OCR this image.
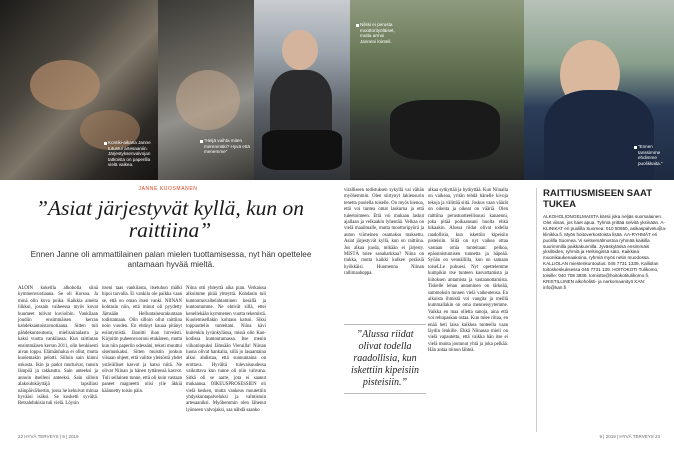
Kontiki-aikana Janne tutustui artesaaniin. Järjestyksenvalvojan tatkoista on paperilla vielä vaikea.
“Heijä vaihta miten merenmäki? Hyvä että menemme”
Nilski ei perusta moottorityöläiset, mutta armoi Janneni lointeli.
“Ennen tanssimme ehdimme puolikkaita.”
JANNE KUOSMANEN
”Asiat järjestyvät kyllä, kun on raittiina”
Ennen Janne oli ammattilainen palan mielen tuottamisessa, nyt hän opettelee antamaan hyvää mieltä.

ALOIN kokeilla alkoholia siinä kymmenvuotiaana. Se oli Korsoa. Ja minä olin kova poika. Kaikkia aineita liikkui, jossain vaiheessa myös kovat huumeet tulivat kuvioihin. Vankilaan joudiin ensimmäisen kerran kahdeksantoistavuotiaana. Sitten tuli pähdekuntoutusta, mielisairaalasta ja kaksi vuotta vankilassa. Kun raittiutan ensimmäisen kerran 2011, olin henkisesti aivan loppu. Elämänhalua ei ollut, mutta kuolemakin pelotti. Silloin sain kiinni uskosta. Ikin ja padot murtuivat, tunsin lämpöä ja rakkautta. Sain anteeksi ja annoin itselleni anteeksi. Sain silloin alakoulukäyttäjä lapsillasi näinpäivä/kertin, jossa he kehuivat minua hyvääsi isäksi. Se kosketti syvältä. Retsahdukisia tuli vielä. Löysin

itseni taas vankilasta, itsetuhon mälki hipoi tarvalla. Ei vankila ole paikka vaan se, että on oman itsen vanki. NIINAN kohtasin niin, että minut oli pyydetty Jämsään Helluntaiseurakuntaan todistamaan. Olin silloin ollut raittiina noin vuoden. En ehtinyt kauaa pitänyt esiintymistä. Jännitti ihan hirveästi. Kirjoitin puheenvuoroni etukäteen, mutta kun niin paperiin odessäni, tekoti muuttui sisemuskaksi. Sitten muistin jonkun viisaan ohjeet, että valitse yleisöstä yhdet ystävälliset kasvot ja katso niitä. Ne olivat Niinan ja hänen tyttärensä kasvot. Tuli sellainen tunne, että oli kuin vastaan paneet magneetti olisi ylle äkkiä käännetty toisin päin.

Niina otti yhteyttä aika pian. Verkaissa alkoimme pitää yhteyttä. Kohdasin tuli kuntoutusvaihelahtaminen kesällä ja kuntoutumme. Ne ehtivät sillä, ettei kenellekään kymmenen vuotta tekemistä. Kuolemisellakin kohtaus katsoi. Siksi toppuuttelin tunteitani. Niina kävi kuitenkin lyvänkyläosa, missä olin Kan-kodissa kuntoutumassa. Itse menin viikonlopuksi Jämsään Vierailla! Niinan luona olivat hankalia, sillä jo lasaantaina alkoi ahdistaa, että sunnuntaina on erottava. Hyvältä tulevaisuudessa vaikuttava kun tunne oli niin vahvana. Sitkä oli se aarre, jota ei saanut mukaansa. OIKEUSPROSESSIEN oli vielä kesken, mutta vankeus muutettiin yhdyskuntapalveluksi ja valmistuin artesaaniksi. Myöhemmin olen lähenut lyönseen valvojaksi, saa nähdä saanko

viralliseen todistuksen sykyllä vai vähän myöhemmin. Olen siirtynyt lakiensurin tenetta puolella toiselle. On myös hienoa, että voi tuntea omat laskurna ja että tuleetoimeen. Että voi mukaan laskut ajallaan ja velkaakin lyhentää. Velkaa on vielä maailmalle, mutta moottoripyörä ja auton viimeinen osamaksu maksettu. Asiat järjestyvät kyllä, kun on raittiina. Jos alkaa juoda, mikään ei järjesty. MISTÄ tulee sanaharkkaa? Niina on tiukka, mutta kaikki kulkee peräisiä hyökkäisi. Huomenna Niinan rallimaahoppa.

”Alussa riidat olivat todella raadollisia, kun iskettiin kipeisiin pisteisiin.”

alkaa sytkyttää ja hytkyttää. Kun Niinalla on vaikeaa, yritän tehdä hänelle kivoja tekoja ja välittää siitä. Joskus vaan väärät on oikeita ja oikeat on vääriä. Olen raittiina perustuotteellisuusi kanaenni, joka pitää poikaansani huolta ehkä hikaakin. Alussa riidat olivat todella raadollisia, kun iskettiin kipeisiin pisteisiin. Siitä on nyt vaikea ottaa vastaan omia tunteitaan: pelkoa, epäonnistumisen tunnetta ja häpeää. Syöän on vennällilla, kun on samaan toiseLLe puhuesi. Nyt opettelemme kumpikin itse tunteen kasvattamista ja kiitoksen antamista ja vastaanottamista. Tiskelle lehan antaminen on tärkeää, sammoksin tunnen vielä vaikeutensa. En aikuista ihmistä voi vangita ja meillä kummallakin on oma menneisyytemme. Vaikka en maa olletta sanoja, aina että voi rehupaskan ostaa. Kun tulee riitaa, en enää heti laisa kaikkea tunteella vaan läydin lenkille. Ehkä Niinassa mieli on vielä vapautettu, että vaikka hän itse ei vielä munta joutunut yhtä ja joka pelkää. Hän antaa minun lähteä.

RAITTIUSMISEEN SAAT TUKEA

ALKOHOLIONGELMAISTA kärsii joka neljäs suomalainen. Olet viisas, jos haet apua. Tyhmä yrittää selvitä yksinään. A-KLINIKAT eri puolilla Suomea: 010 50650, asikaspalvelu@a-klinikka.fi. Myös hoitoverkostoista lisää. AA-RYHMÄT eri puolilla Suomea. Vi seitsemälmostoa ryhmää kaikilla suurimmilla paikkakunnilla. Jyväskylässä ensimmäis yksilöiden, ryhmiä ja Helsingissä sato. Kaikkiea muonikaukenaakoina, ryhmiä myös netin muodossa. KALLIOLAN miestenkuntoutus: 045 7731 1339, Kalliolan toitoskeskuksessa 045 7731 139. HOITOKOTI Tulikomo, toisille: 040 708 3939, tomiotto@hoitokotitulikomo.fi. KRISTILLINEN alkoholisti- ja narkomaanityö KAN: info@kan.fi

22 HYVÄ TERVEYS | 9 | 2019	9 | 2019 | HYVÄ TERVEYS 23
